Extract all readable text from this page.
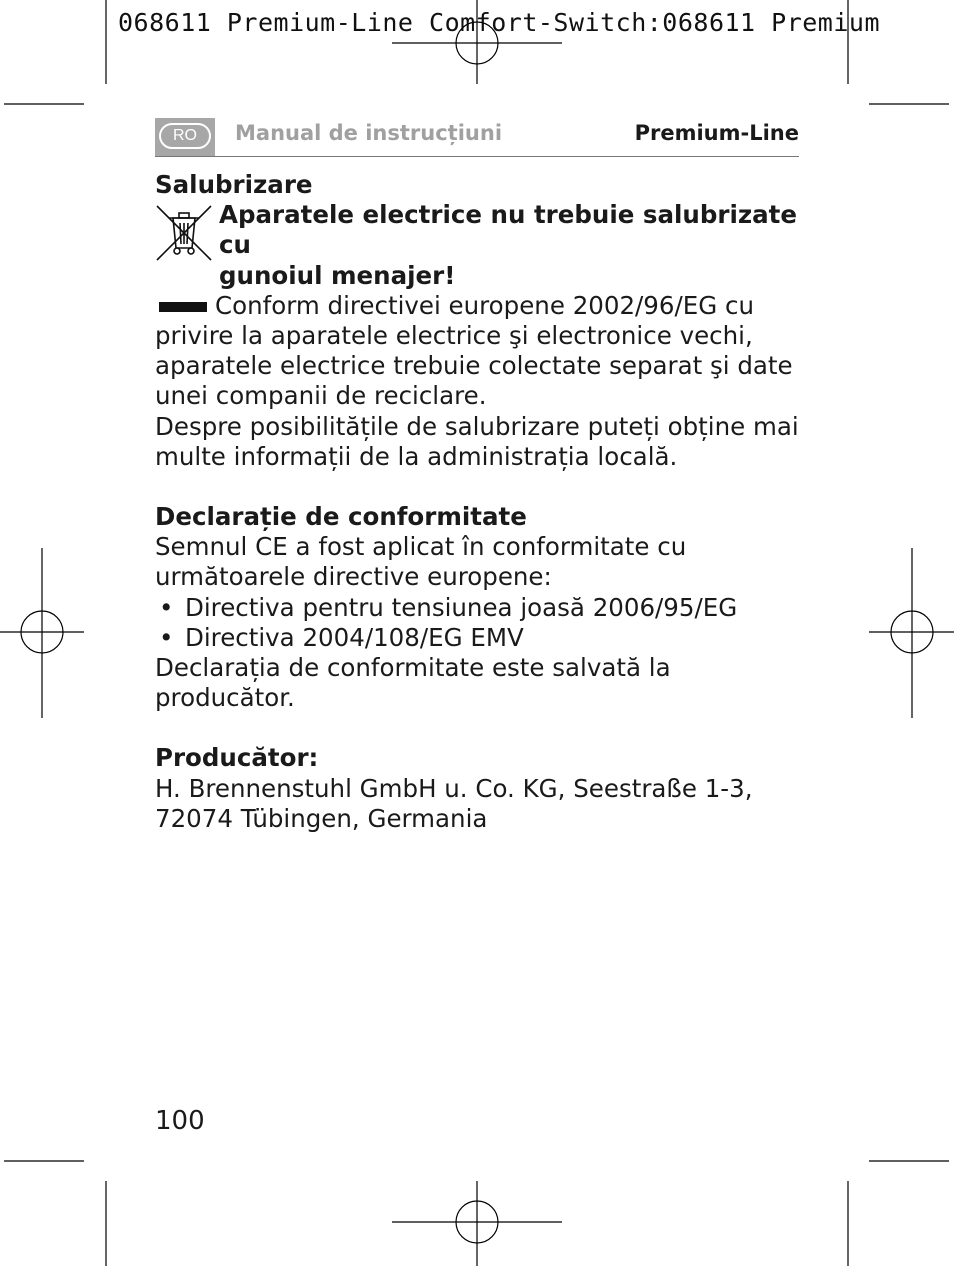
068611 Premium-Line Comfort-Switch:068611 Premium
RO	Manual de instrucțiuni	Premium-Line

Salubrizare

Aparatele electrice nu trebuie salubrizate cu

gunoiul menajer!

Conform directivei europene 2002/96/EG cu
privire la aparatele electrice şi electronice vechi, aparatele electrice trebuie colectate separat şi date unei companii de reciclare.

Despre posibilitățile de salubrizare puteți obține mai multe informații de la administrația locală.

Declarație de conformitate

Semnul CE a fost aplicat în conformitate cu următoarele directive europene:

• Directiva pentru tensiunea joasă 2006/95/EG
• Directiva 2004/108/EG EMV

Declarația de conformitate este salvată la producător.

Producător:

H. Brennenstuhl GmbH u. Co. KG, Seestraße 1-3,

72074 Tübingen, Germania

100
